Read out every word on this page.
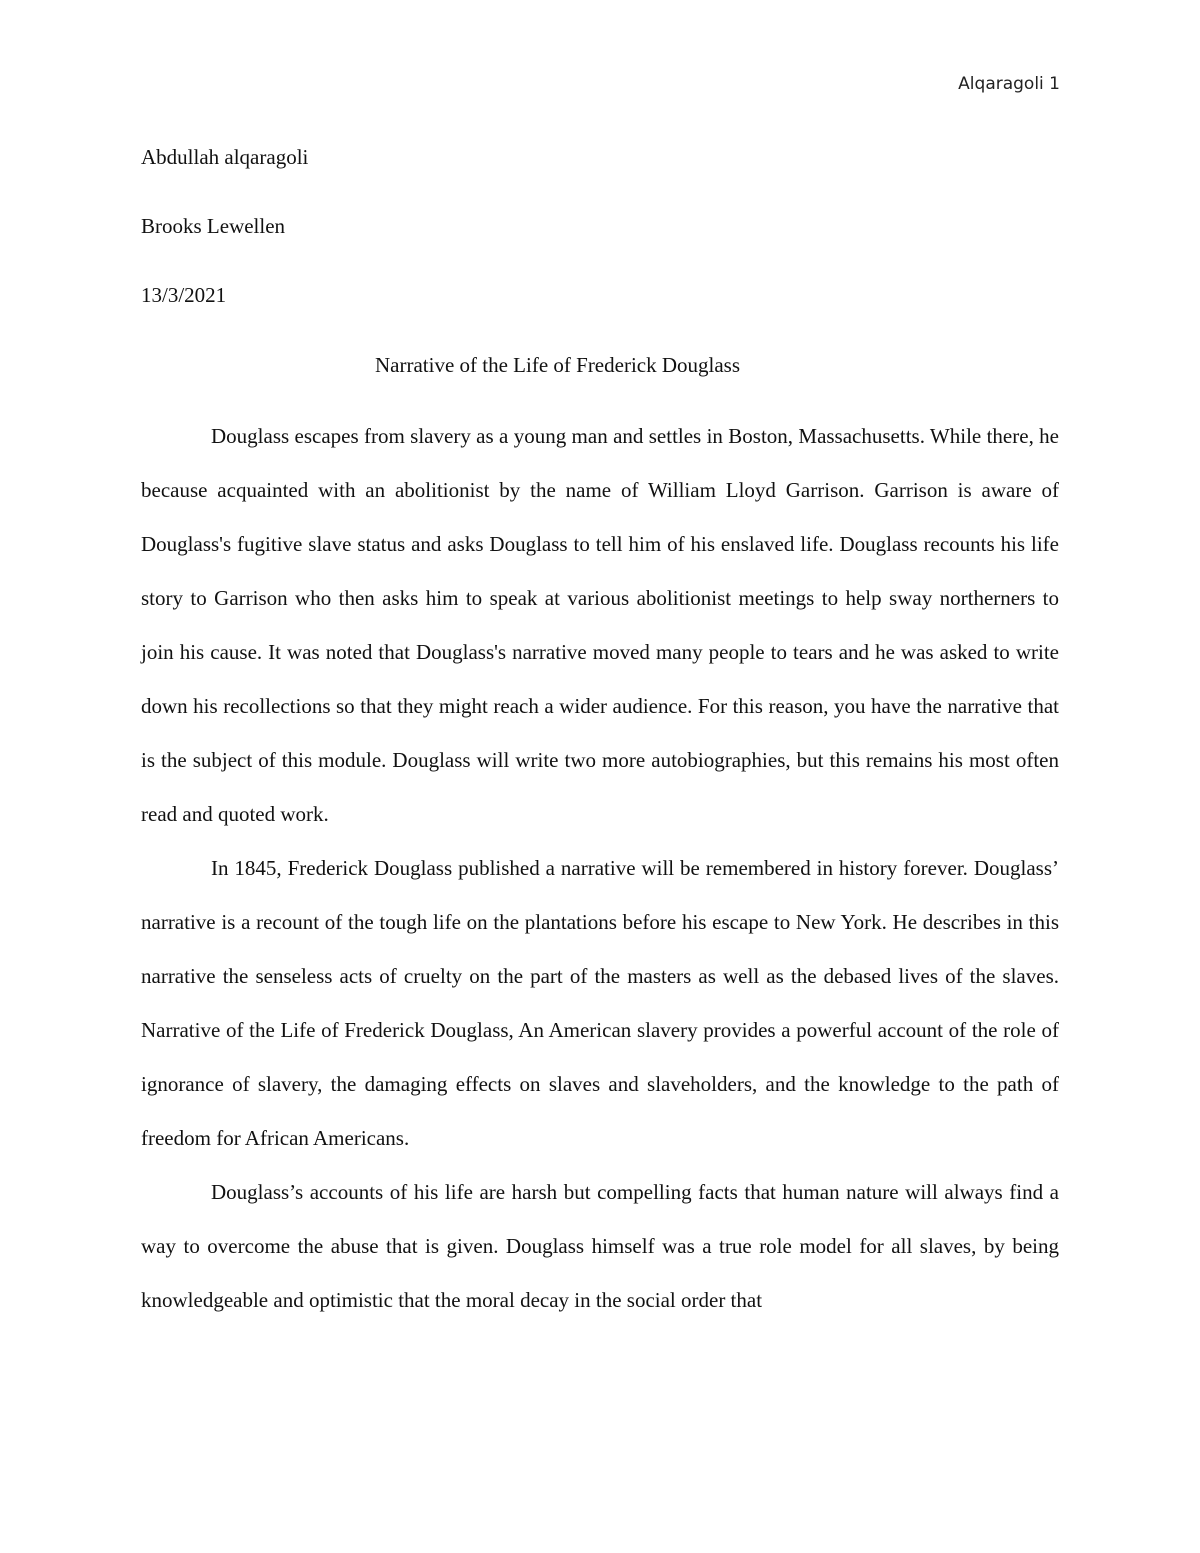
Alqaragoli 1
Abdullah alqaragoli
Brooks Lewellen
13/3/2021
Narrative of the Life of Frederick Douglass

Douglass escapes from slavery as a young man and settles in Boston, Massachusetts. While there, he because acquainted with an abolitionist by the name of William Lloyd Garrison. Garrison is aware of Douglass's fugitive slave status and asks Douglass to tell him of his enslaved life. Douglass recounts his life story to Garrison who then asks him to speak at various abolitionist meetings to help sway northerners to join his cause. It was noted that Douglass's narrative moved many people to tears and he was asked to write down his recollections so that they might reach a wider audience. For this reason, you have the narrative that is the subject of this module. Douglass will write two more autobiographies, but this remains his most often read and quoted work.

In 1845, Frederick Douglass published a narrative will be remembered in history forever. Douglass’ narrative is a recount of the tough life on the plantations before his escape to New York. He describes in this narrative the senseless acts of cruelty on the part of the masters as well as the debased lives of the slaves. Narrative of the Life of Frederick Douglass, An American slavery provides a powerful account of the role of ignorance of slavery, the damaging effects on slaves and slaveholders, and the knowledge to the path of freedom for African Americans.

Douglass’s accounts of his life are harsh but compelling facts that human nature will always find a way to overcome the abuse that is given. Douglass himself was a true role model for all slaves, by being knowledgeable and optimistic that the moral decay in the social order that
